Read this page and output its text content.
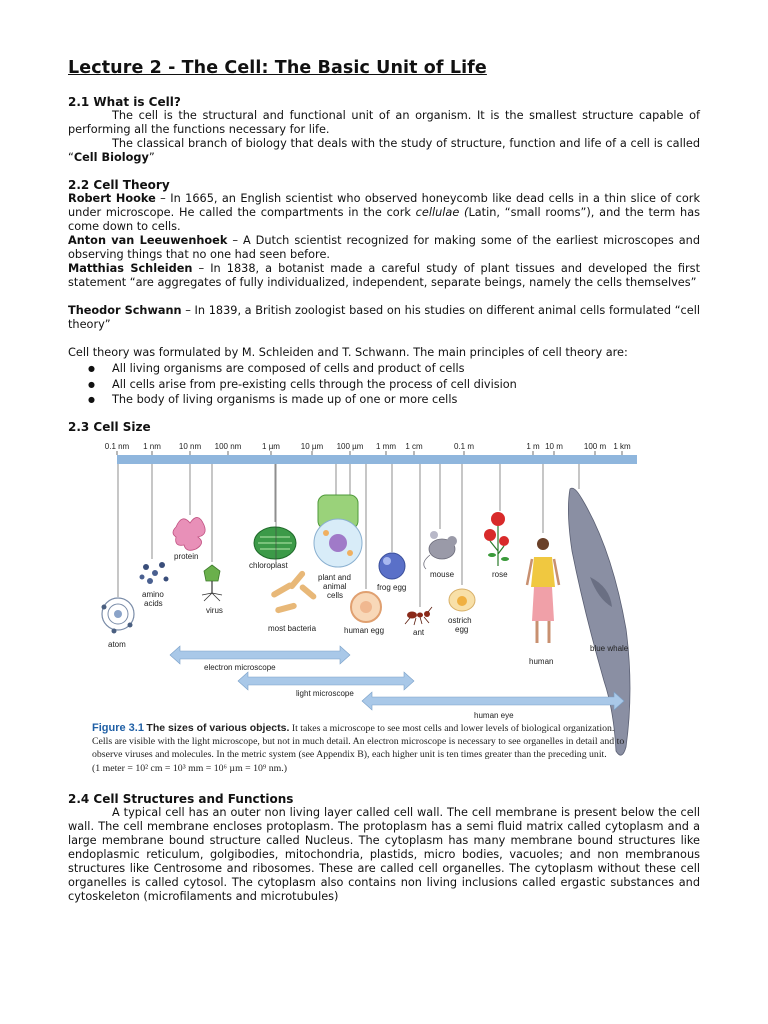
Lecture 2 - The Cell: The Basic Unit of Life
2.1 What is Cell?
The cell is the structural and functional unit of an organism. It is the smallest structure capable of performing all the functions necessary for life.
The classical branch of biology that deals with the study of structure, function and life of a cell is called “Cell Biology”
2.2 Cell Theory
Robert Hooke – In 1665, an English scientist who observed honeycomb like dead cells in a thin slice of cork under microscope. He called the compartments in the cork cellulae (Latin, “small rooms”), and the term has come down to cells.
Anton van Leeuwenhoek – A Dutch scientist recognized for making some of the earliest microscopes and observing things that no one had seen before.
Matthias Schleiden – In 1838, a botanist made a careful study of plant tissues and developed the first statement “are aggregates of fully individualized, independent, separate beings, namely the cells themselves”
Theodor Schwann – In 1839, a British zoologist based on his studies on different animal cells formulated “cell theory”
Cell theory was formulated by M. Schleiden and T. Schwann. The main principles of cell theory are:
● All living organisms are composed of cells and product of cells
● All cells arise from pre-existing cells through the process of cell division
● The body of living organisms is made up of one or more cells
2.3 Cell Size
2.4 Cell Structures and Functions
A typical cell has an outer non living layer called cell wall. The cell membrane is present below the cell wall. The cell membrane encloses protoplasm. The protoplasm has a semi fluid matrix called cytoplasm and a large membrane bound structure called Nucleus. The cytoplasm has many membrane bound structures like endoplasmic reticulum, golgibodies, mitochondria, plastids, micro bodies, vacuoles; and non membranous structures like Centrosome and ribosomes. These are called cell organelles. The cytoplasm without these cell organelles is called cytosol. The cytoplasm also contains non living inclusions called ergastic substances and cytoskeleton (microfilaments and microtubules)
0.1 nm 1 nm 10 nm 100 nm	1 µm	10 µm 100 µm 1 mm 1 cm	0.1 m	1 m 10 m	100 m 1 km
atom
amino
acids
protein
virus
chloroplast
most bacteria
plant and
animal
cells
human egg
frog egg
ant
mouse
ostrich
egg
rose
human
blue whale
electron microscope
light microscope
human eye
Figure 3.1 The sizes of various objects. It takes a microscope to see most cells and lower levels of biological organization. Cells are visible with the light microscope, but not in much detail. An electron microscope is necessary to see organelles in detail and to observe viruses and molecules. In the metric system (see Appendix B), each higher unit is ten times greater than the preceding unit.
(1 meter = 10² cm = 10³ mm = 10⁶ µm = 10⁹ nm.)
